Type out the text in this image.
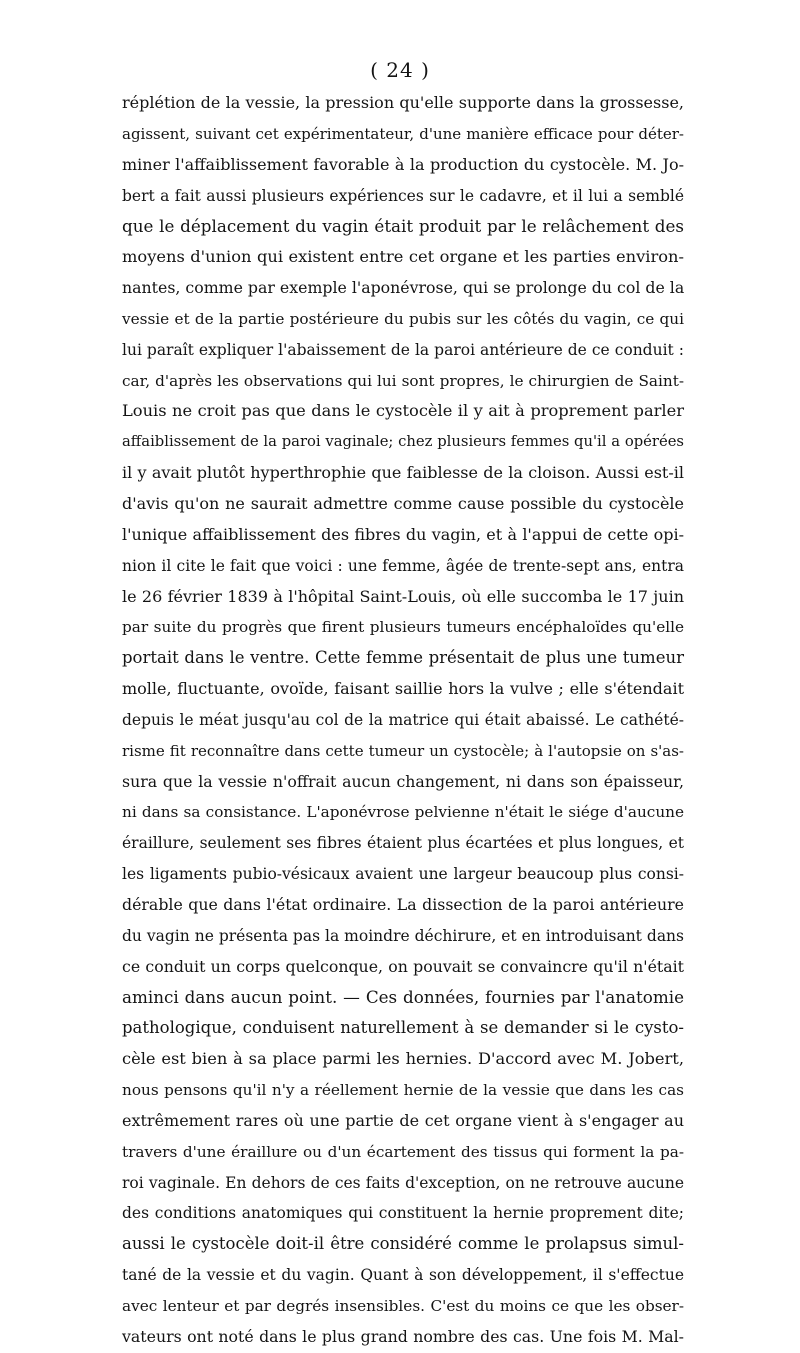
( 24 )
réplétion de la vessie, la pression qu'elle supporte dans la grossesse,
agissent, suivant cet expérimentateur, d'une manière efficace pour déter-
miner l'affaiblissement favorable à la production du cystocèle. M. Jo-
bert a fait aussi plusieurs expériences sur le cadavre, et il lui a semblé
que le déplacement du vagin était produit par le relâchement des
moyens d'union qui existent entre cet organe et les parties environ-
nantes, comme par exemple l'aponévrose, qui se prolonge du col de la
vessie et de la partie postérieure du pubis sur les côtés du vagin, ce qui
lui paraît expliquer l'abaissement de la paroi antérieure de ce conduit :
car, d'après les observations qui lui sont propres, le chirurgien de Saint-
Louis ne croit pas que dans le cystocèle il y ait à proprement parler
affaiblissement de la paroi vaginale; chez plusieurs femmes qu'il a opérées
il y avait plutôt hyperthrophie que faiblesse de la cloison. Aussi est-il
d'avis qu'on ne saurait admettre comme cause possible du cystocèle
l'unique affaiblissement des fibres du vagin, et à l'appui de cette opi-
nion il cite le fait que voici : une femme, âgée de trente-sept ans, entra
le 26 février 1839 à l'hôpital Saint-Louis, où elle succomba le 17 juin
par suite du progrès que firent plusieurs tumeurs encéphaloïdes qu'elle
portait dans le ventre. Cette femme présentait de plus une tumeur
molle, fluctuante, ovoïde, faisant saillie hors la vulve ; elle s'étendait
depuis le méat jusqu'au col de la matrice qui était abaissé. Le cathété-
risme fit reconnaître dans cette tumeur un cystocèle; à l'autopsie on s'as-
sura que la vessie n'offrait aucun changement, ni dans son épaisseur,
ni dans sa consistance. L'aponévrose pelvienne n'était le siége d'aucune
éraillure, seulement ses fibres étaient plus écartées et plus longues, et
les ligaments pubio-vésicaux avaient une largeur beaucoup plus consi-
dérable que dans l'état ordinaire. La dissection de la paroi antérieure
du vagin ne présenta pas la moindre déchirure, et en introduisant dans
ce conduit un corps quelconque, on pouvait se convaincre qu'il n'était
aminci dans aucun point. — Ces données, fournies par l'anatomie
pathologique, conduisent naturellement à se demander si le cysto-
cèle est bien à sa place parmi les hernies. D'accord avec M. Jobert,
nous pensons qu'il n'y a réellement hernie de la vessie que dans les cas
extrêmement rares où une partie de cet organe vient à s'engager au
travers d'une éraillure ou d'un écartement des tissus qui forment la pa-
roi vaginale. En dehors de ces faits d'exception, on ne retrouve aucune
des conditions anatomiques qui constituent la hernie proprement dite;
aussi le cystocèle doit-il être considéré comme le prolapsus simul-
tané de la vessie et du vagin. Quant à son développement, il s'effectue
avec lenteur et par degrés insensibles. C'est du moins ce que les obser-
vateurs ont noté dans le plus grand nombre des cas. Une fois M. Mal-
